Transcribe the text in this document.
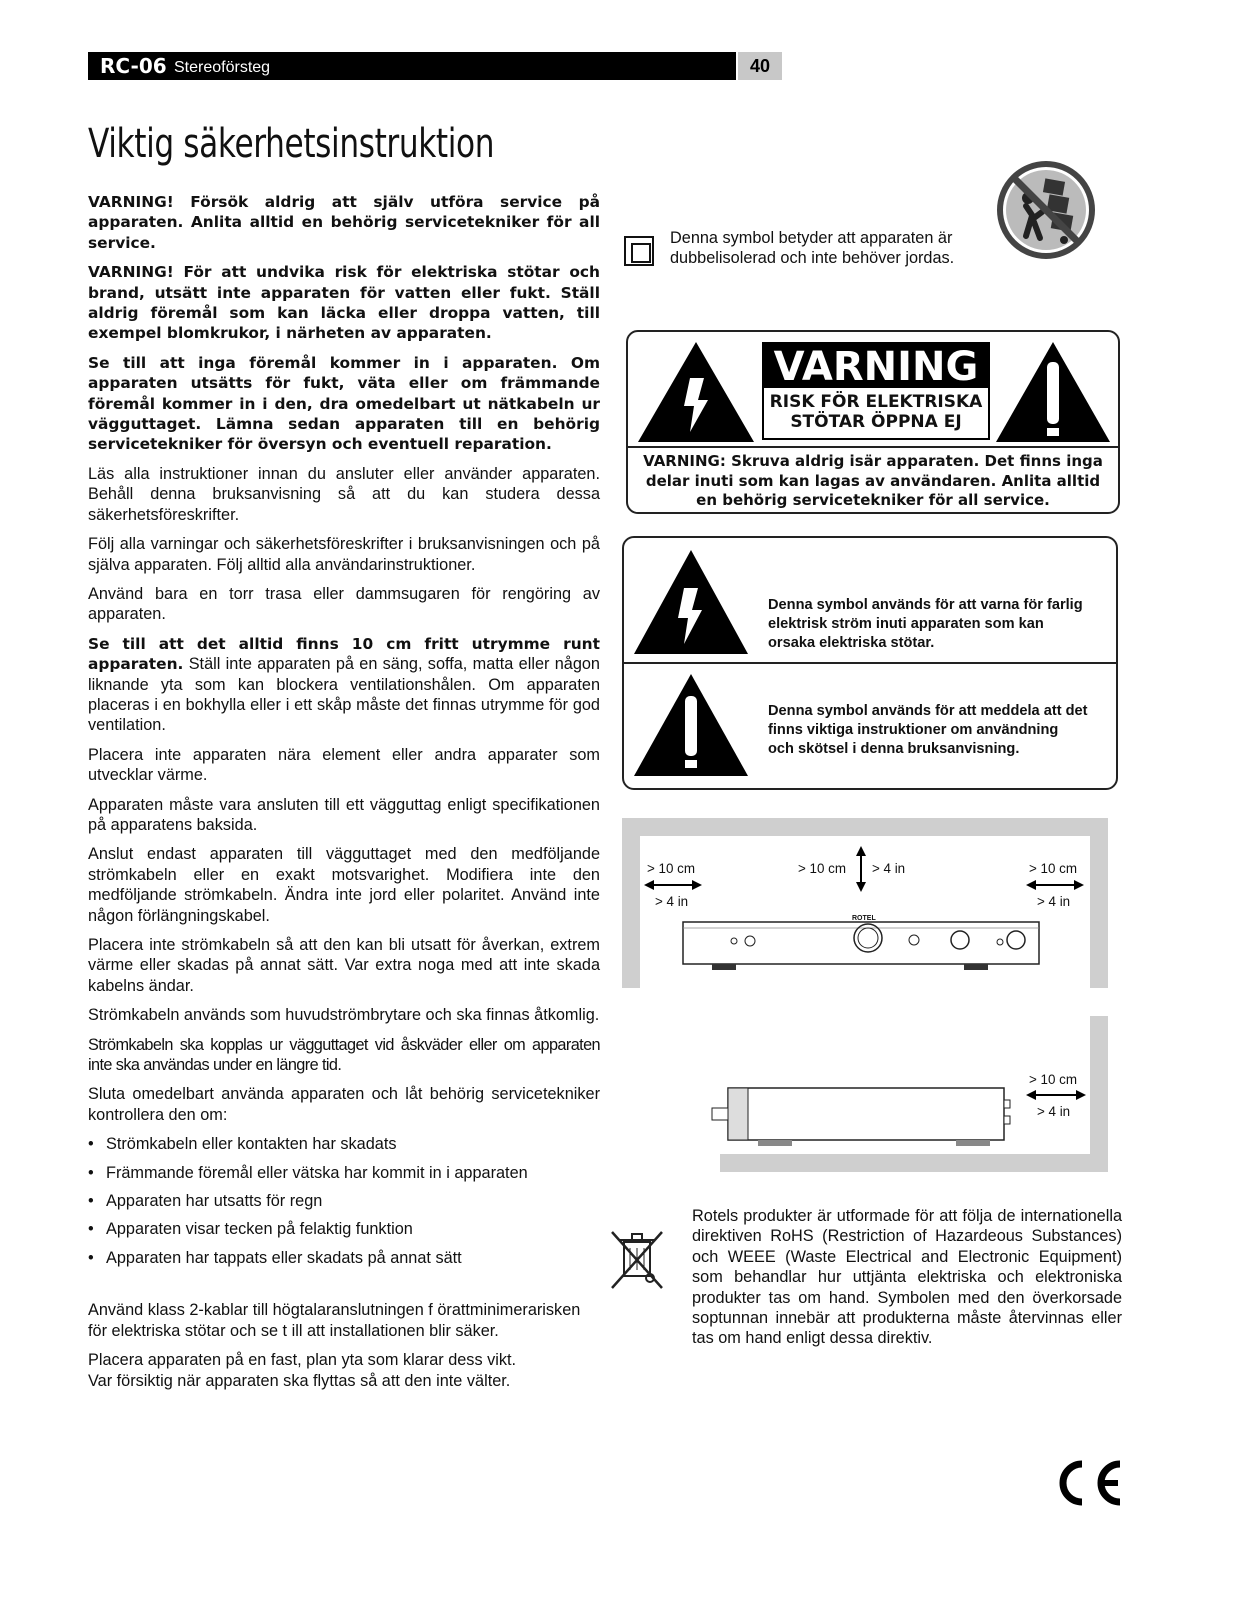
RC-06 Stereoförsteg	40
Viktig säkerhetsinstruktion

VARNING! Försök aldrig att själv utföra service på apparaten. Anlita alltid en behörig servicetekniker för all service.

VARNING! För att undvika risk för elektriska stötar och brand, utsätt inte apparaten för vatten eller fukt. Ställ aldrig föremål som kan läcka eller droppa vatten, till exempel blomkrukor, i närheten av apparaten.

Se till att inga föremål kommer in i apparaten. Om apparaten utsätts för fukt, väta eller om främmande föremål kommer in i den, dra omedelbart ut nätkabeln ur vägguttaget. Lämna sedan apparaten till en behörig servicetekniker för översyn och eventuell reparation.

Läs alla instruktioner innan du ansluter eller använder apparaten. Behåll denna bruksanvisning så att du kan studera dessa säkerhetsföreskrifter.

Följ alla varningar och säkerhetsföreskrifter i bruksanvisningen och på själva apparaten. Följ alltid alla användarinstruktioner.

Använd bara en torr trasa eller dammsugaren för rengöring av apparaten.

Se till att det alltid finns 10 cm fritt utrymme runt apparaten. Ställ inte apparaten på en säng, soffa, matta eller någon liknande yta som kan blockera ventilationshålen. Om apparaten placeras i en bokhylla eller i ett skåp måste det finnas utrymme för god ventilation.

Placera inte apparaten nära element eller andra apparater som utvecklar värme.

Apparaten måste vara ansluten till ett vägguttag enligt specifikationen på apparatens baksida.

Anslut endast apparaten till vägguttaget med den medföljande strömkabeln eller en exakt motsvarighet. Modifiera inte den medföljande strömkabeln. Ändra inte jord eller polaritet. Använd inte någon förlängningskabel.

Placera inte strömkabeln så att den kan bli utsatt för åverkan, extrem värme eller skadas på annat sätt. Var extra noga med att inte skada kabelns ändar.

Strömkabeln används som huvudströmbrytare och ska finnas åtkomlig.

Strömkabeln ska kopplas ur vägguttaget vid åskväder eller om apparaten inte ska användas under en längre tid.

Sluta omedelbart använda apparaten och låt behörig servicetekniker kontrollera den om:

• Strömkabeln eller kontakten har skadats
• Främmande föremål eller vätska har kommit in i apparaten
• Apparaten har utsatts för regn
• Apparaten visar tecken på felaktig funktion
• Apparaten har tappats eller skadats på annat sätt

Använd klass 2-kablar till högtalaranslutningen f örattminimerarisken för elektriska stötar och se t ill att installationen blir säker.

Placera apparaten på en fast, plan yta som klarar dess vikt.
Var försiktig när apparaten ska flyttas så att den inte välter.

Denna symbol betyder att apparaten är dubbelisolerad och inte behöver jordas.
VARNING
RISK FÖR ELEKTRISKA
STÖTAR ÖPPNA EJ
VARNING: Skruva aldrig isär apparaten. Det finns inga delar inuti som kan lagas av användaren. Anlita alltid en behörig servicetekniker för all service.
Denna symbol används för att varna för farlig elektrisk ström inuti apparaten som kan orsaka elektriska stötar.
Denna symbol används för att meddela att det finns viktiga instruktioner om användning och skötsel i denna bruksanvisning.
> 10 cm
> 4 in
> 10 cm > 4 in	> 10 cm
> 4 in
ROTEL
> 10 cm
> 4 in
Rotels produkter är utformade för att följa de internationella direktiven RoHS (Restriction of Hazardeous Substances) och WEEE (Waste Electrical and Electronic Equipment) som behandlar hur uttjänta elektriska och elektroniska produkter tas om hand. Symbolen med den överkorsade soptunnan innebär att produkterna måste återvinnas eller tas om hand enligt dessa direktiv.
CE
